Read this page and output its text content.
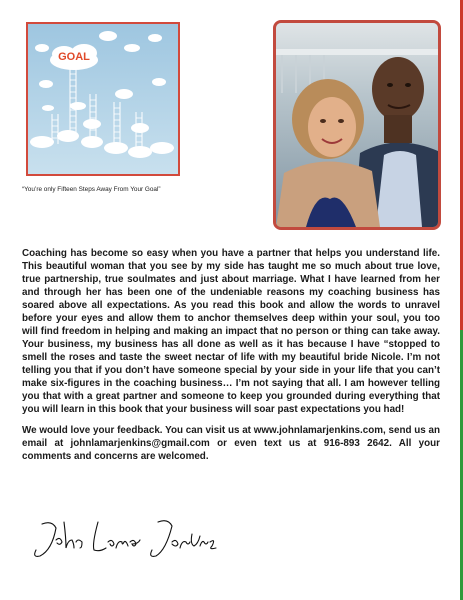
GOAL
“You’re only Fifteen Steps Away From Your Goal”

Coaching has become so easy when you have a partner that helps you understand life. This beautiful woman that you see by my side has taught me so much about true love, true partnership, true soulmates and just about marriage. What I have learned from her and through her has been one of the undeniable reasons my coaching business has soared above all expectations. As you read this book and allow the words to unravel before your eyes and allow them to anchor themselves deep within your soul, you too will find freedom in helping and making an impact that no person or thing can take away. Your business, my business has all done as well as it has because I have “stopped to smell the roses and taste the sweet nectar of life with my beautiful bride Nicole. I’m not telling you that if you don’t have someone special by your side in your life that you can’t make six-figures in the coaching business… I’m not saying that all. I am however telling you that with a great partner and someone to keep you grounded during everything that you will learn in this book that your business will soar past expectations you had!

We would love your feedback. You can visit us at www.johnlamarjenkins.com, send us an email at johnlamarjenkins@gmail.com or even text us at 916-893 2642. All your comments and concerns are welcomed.
